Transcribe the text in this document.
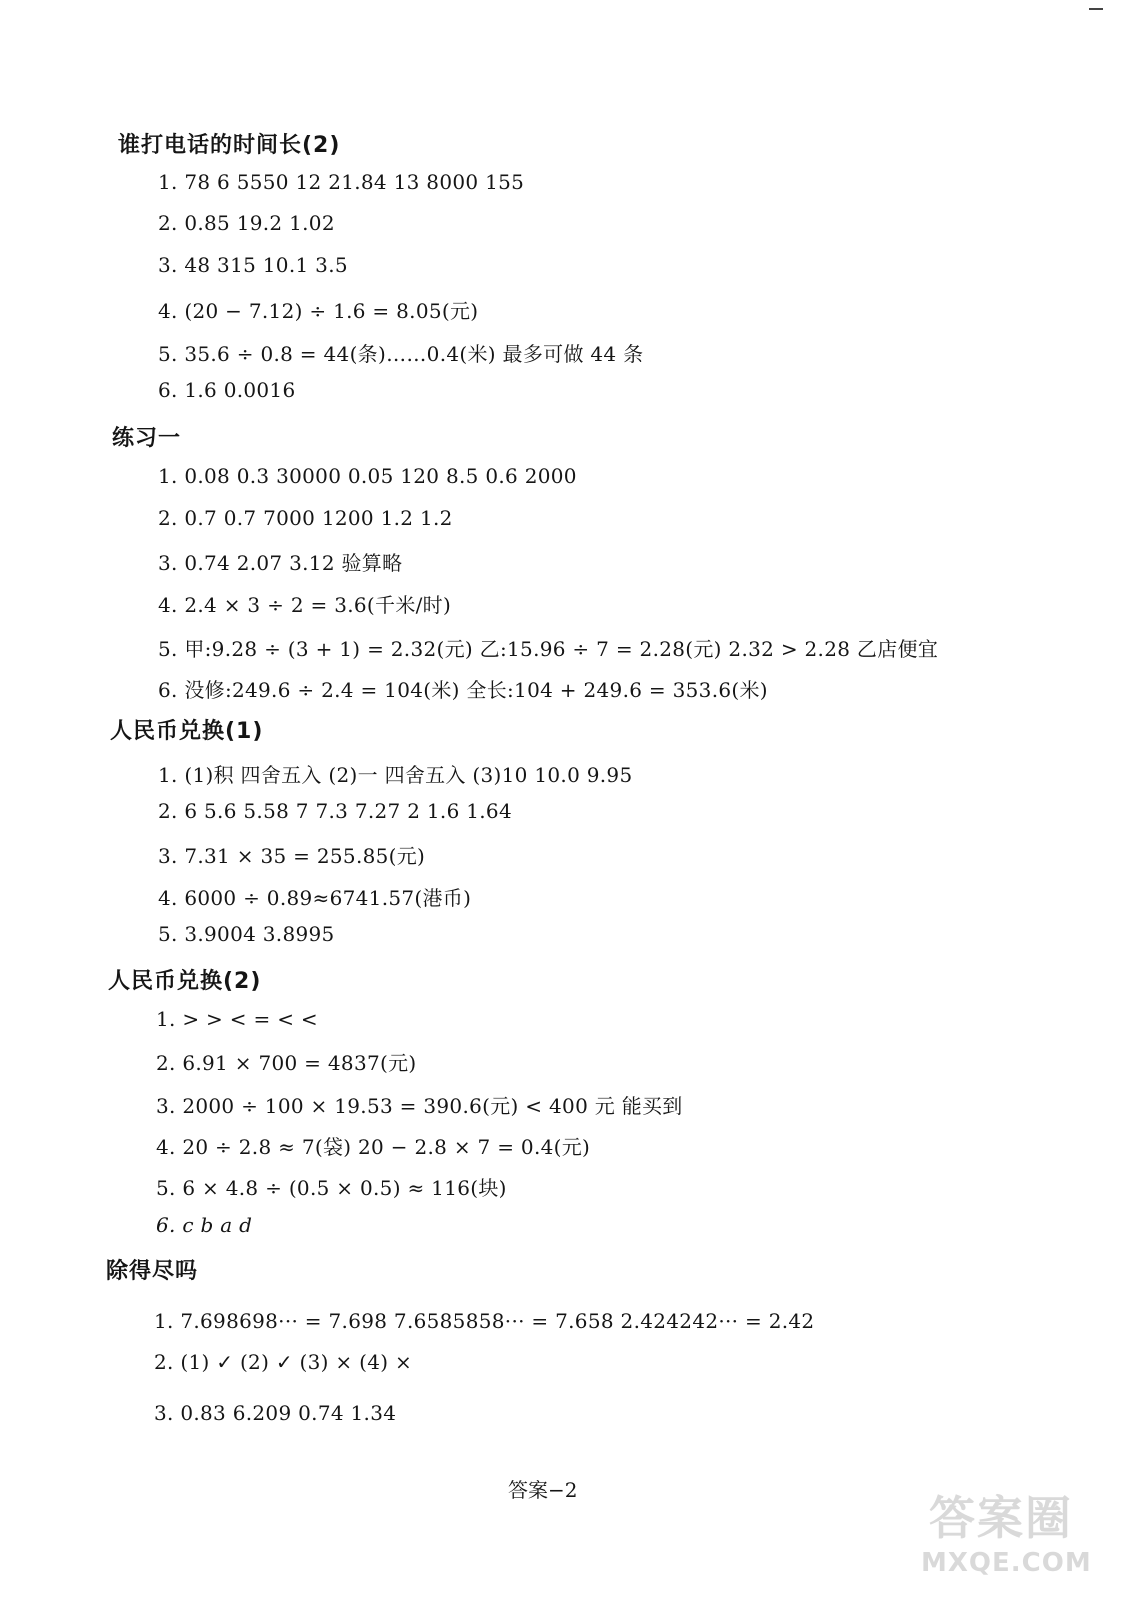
谁打电话的时间长(2)
1. 78 6 5550 12 21.84 13 8000 155
2. 0.85 19.2 1.02
3. 48 315 10.1 3.5
4. (20 − 7.12) ÷ 1.6 = 8.05(元)
5. 35.6 ÷ 0.8 = 44(条)……0.4(米) 最多可做 44 条
6. 1.6 0.0016
练习一
1. 0.08 0.3 30000 0.05 120 8.5 0.6 2000
2. 0.7 0.7 7000 1200 1.2 1.2
3. 0.74 2.07 3.12 验算略
4. 2.4 × 3 ÷ 2 = 3.6(千米/时)
5. 甲:9.28 ÷ (3 + 1) = 2.32(元) 乙:15.96 ÷ 7 = 2.28(元) 2.32 > 2.28 乙店便宜
6. 没修:249.6 ÷ 2.4 = 104(米) 全长:104 + 249.6 = 353.6(米)
人民币兑换(1)
1. (1)积 四舍五入 (2)一 四舍五入 (3)10 10.0 9.95
2. 6 5.6 5.58 7 7.3 7.27 2 1.6 1.64
3. 7.31 × 35 = 255.85(元)
4. 6000 ÷ 0.89≈6741.57(港币)
5. 3.9004 3.8995
人民币兑换(2)
1. > > < = < <
2. 6.91 × 700 = 4837(元)
3. 2000 ÷ 100 × 19.53 = 390.6(元) < 400 元 能买到
4. 20 ÷ 2.8 ≈ 7(袋) 20 − 2.8 × 7 = 0.4(元)
5. 6 × 4.8 ÷ (0.5 × 0.5) ≈ 116(块)
6. c b a d
除得尽吗
1. 7.698698··· = 7.698 7.6585858··· = 7.658 2.424242··· = 2.42
2. (1) ✓ (2) ✓ (3) × (4) ×
3. 0.83 6.209 0.74 1.34
答案−2
答案圈
MXQE.COM
